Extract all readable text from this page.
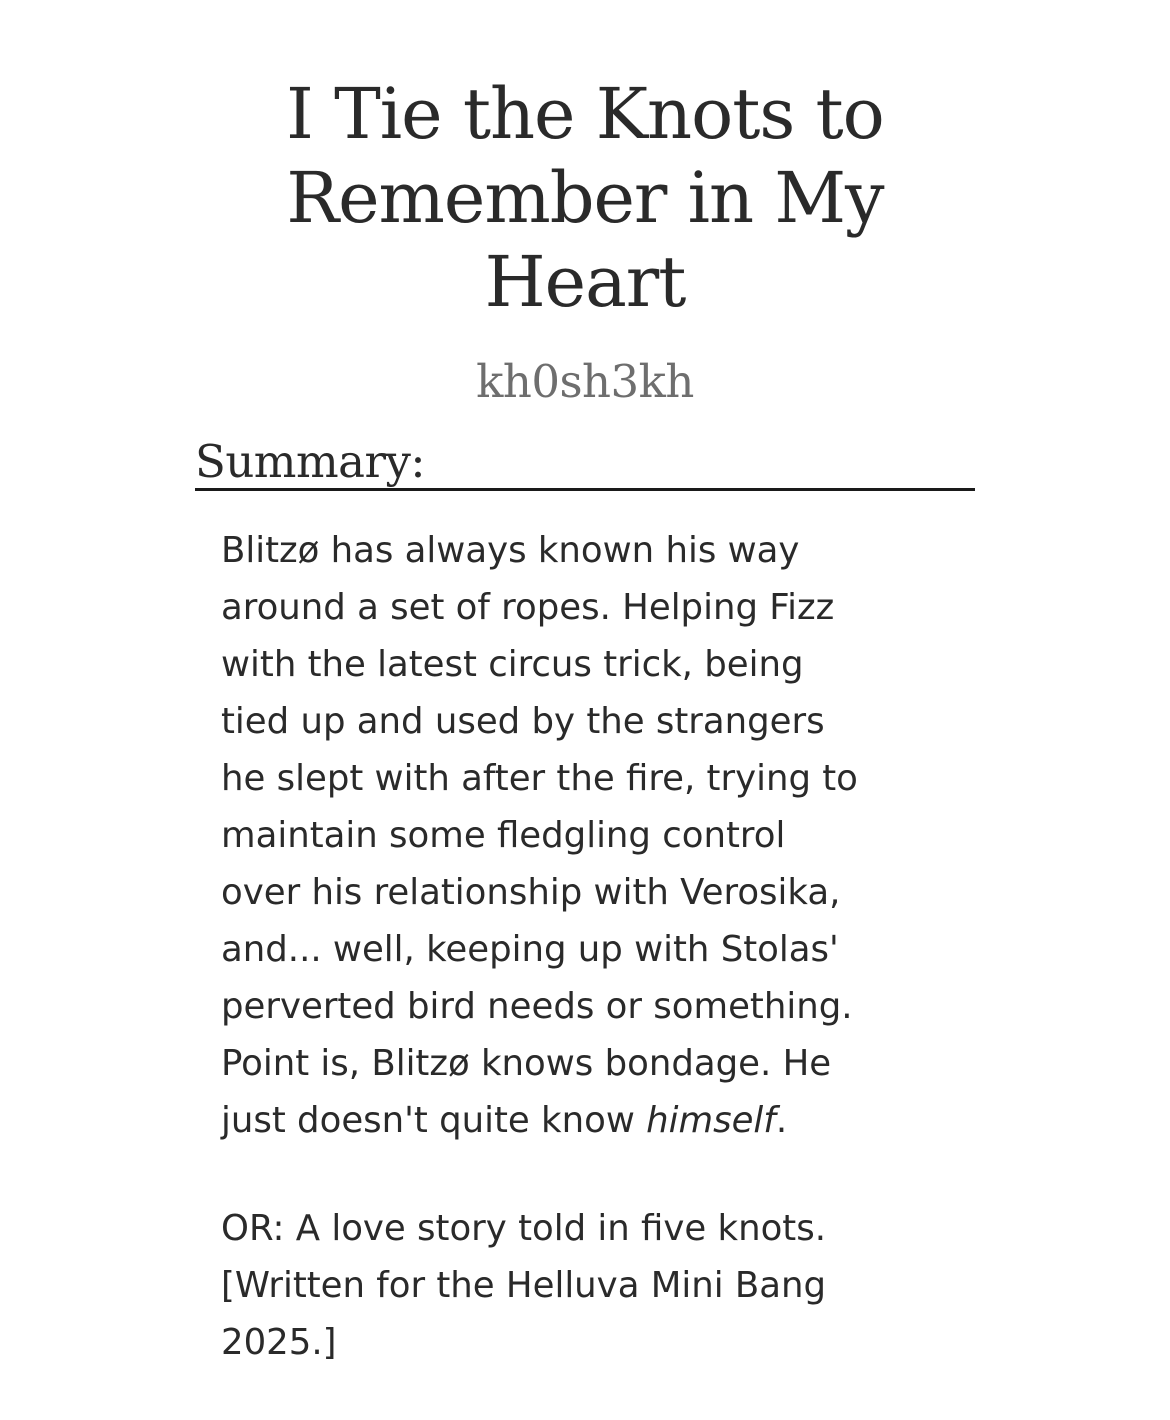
I Tie the Knots to
Remember in My
Heart
kh0sh3kh
Summary:

Blitzø has always known his way
around a set of ropes. Helping Fizz
with the latest circus trick, being
tied up and used by the strangers
he slept with after the fire, trying to
maintain some fledgling control
over his relationship with Verosika,
and... well, keeping up with Stolas'
perverted bird needs or something.
Point is, Blitzø knows bondage. He
just doesn't quite know himself.

OR: A love story told in five knots.
[Written for the Helluva Mini Bang
2025.]
